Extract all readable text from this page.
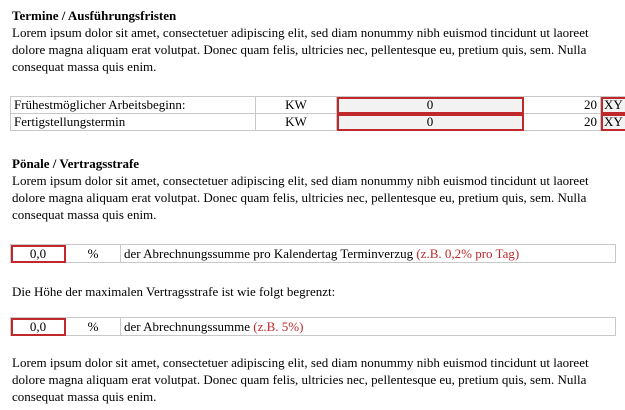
Termine / Ausführungsfristen

Lorem ipsum dolor sit amet, consectetuer adipiscing elit, sed diam nonummy nibh euismod tincidunt ut laoreet dolore magna aliquam erat volutpat. Donec quam felis, ultricies nec, pellentesque eu, pretium quis, sem. Nulla consequat massa quis enim.

Frühestmöglicher Arbeitsbeginn:	KW	0	20	XY
Fertigstellungstermin	KW	0	20	XY
Pönale / Vertragsstrafe

Lorem ipsum dolor sit amet, consectetuer adipiscing elit, sed diam nonummy nibh euismod tincidunt ut laoreet dolore magna aliquam erat volutpat. Donec quam felis, ultricies nec, pellentesque eu, pretium quis, sem. Nulla consequat massa quis enim.

0,0	%	der Abrechnungssumme pro Kalendertag Terminverzug (z.B. 0,2% pro Tag)

Die Höhe der maximalen Vertragsstrafe ist wie folgt begrenzt:

0,0	%	der Abrechnungssumme (z.B. 5%)

Lorem ipsum dolor sit amet, consectetuer adipiscing elit, sed diam nonummy nibh euismod tincidunt ut laoreet dolore magna aliquam erat volutpat. Donec quam felis, ultricies nec, pellentesque eu, pretium quis, sem. Nulla consequat massa quis enim.
